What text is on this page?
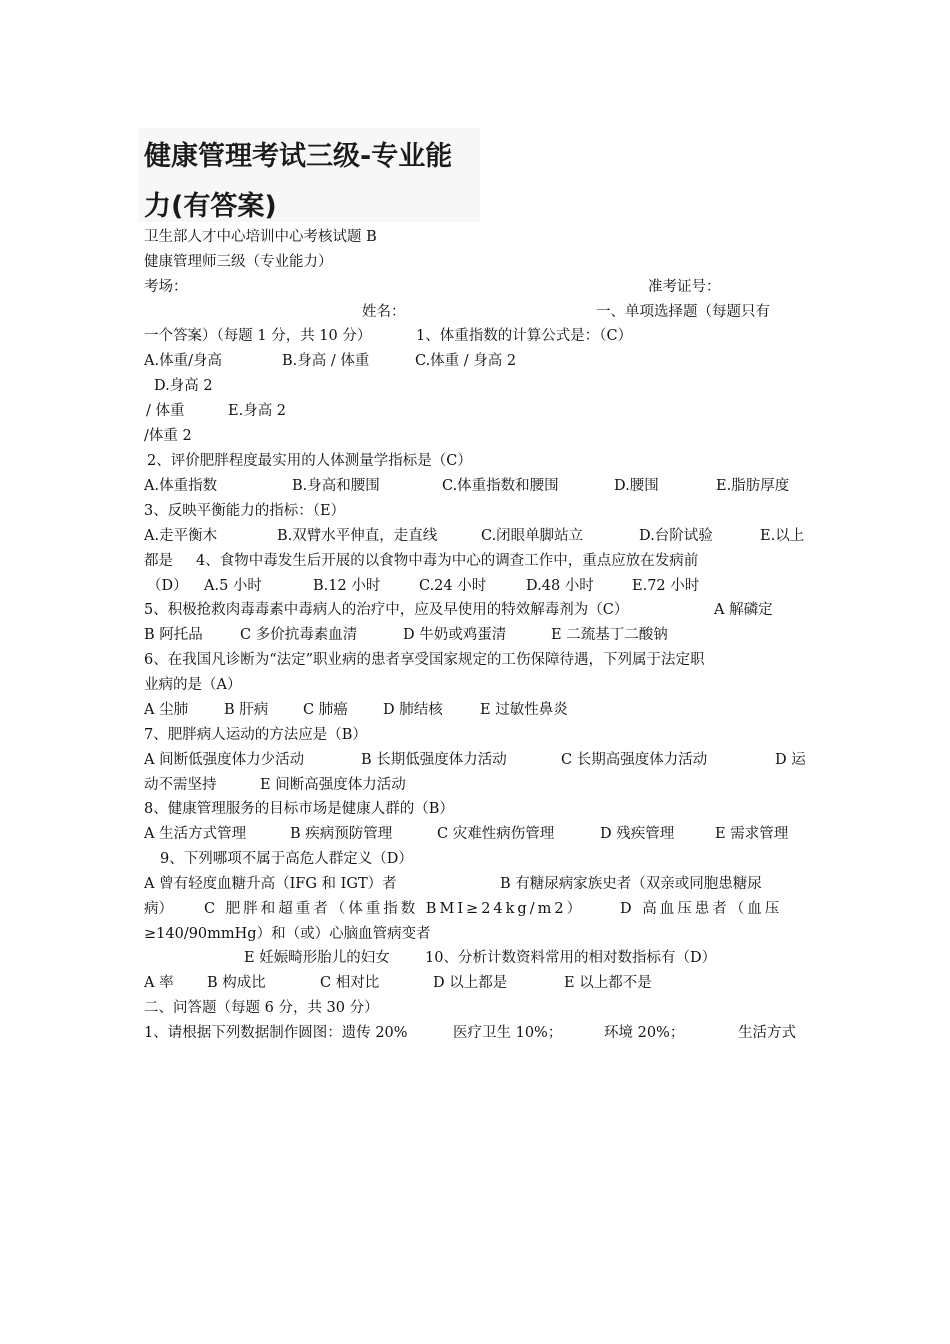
健康管理考试三级-专业能
力(有答案)
卫生部人才中心培训中心考核试题 B
健康管理师三级（专业能力）
考场：	准考证号：
姓名：	一、单项选择题（每题只有
一个答案）（每题 1 分，共 10 分）	1、体重指数的计算公式是：（C）
A.体重/身高	B.身高 / 体重	C.体重 / 身高 2
D.身高 2
/ 体重	E.身高 2
/体重 2
2、评价肥胖程度最实用的人体测量学指标是（C）
A.体重指数	B.身高和腰围	C.体重指数和腰围	D.腰围	E.脂肪厚度
3、反映平衡能力的指标：（E）
A.走平衡木	B.双臂水平伸直，走直线	C.闭眼单脚站立	D.台阶试验	E.以上
都是 4、食物中毒发生后开展的以食物中毒为中心的调查工作中，重点应放在发病前
（D） A.5 小时	B.12 小时	C.24 小时	D.48 小时	E.72 小时
5、积极抢救肉毒毒素中毒病人的治疗中，应及早使用的特效解毒剂为（C）	A 解磷定
B 阿托品	C 多价抗毒素血清	D 牛奶或鸡蛋清	E 二巯基丁二酸钠
6、在我国凡诊断为“法定”职业病的患者享受国家规定的工伤保障待遇，下列属于法定职
业病的是（A）
A 尘肺 B 肝病 C 肺癌 D 肺结核	E 过敏性鼻炎
7、肥胖病人运动的方法应是（B）
A 间断低强度体力少活动	B 长期低强度体力活动	C 长期高强度体力活动	D 运
动不需坚持	E 间断高强度体力活动
8、健康管理服务的目标市场是健康人群的（B）
A 生活方式管理	B 疾病预防管理	C 灾难性病伤管理	D 残疾管理	E 需求管理
9、下列哪项不属于高危人群定义（D）
A 曾有轻度血糖升高（IFG 和 IGT）者	B 有糖尿病家族史者（双亲或同胞患糖尿
病） C 肥胖和超重者（体重指数 BMI≥24kg/m2） D 高血压患者（血压
≥140/90mmHg）和（或）心脑血管病变者
E 妊娠畸形胎儿的妇女 10、分析计数资料常用的相对数指标有（D）
A 率 B 构成比	C 相对比	D 以上都是	E 以上都不是
二、问答题（每题 6 分，共 30 分）
1、请根据下列数据制作圆图：遗传 20%	医疗卫生 10%；	环境 20%；	生活方式
